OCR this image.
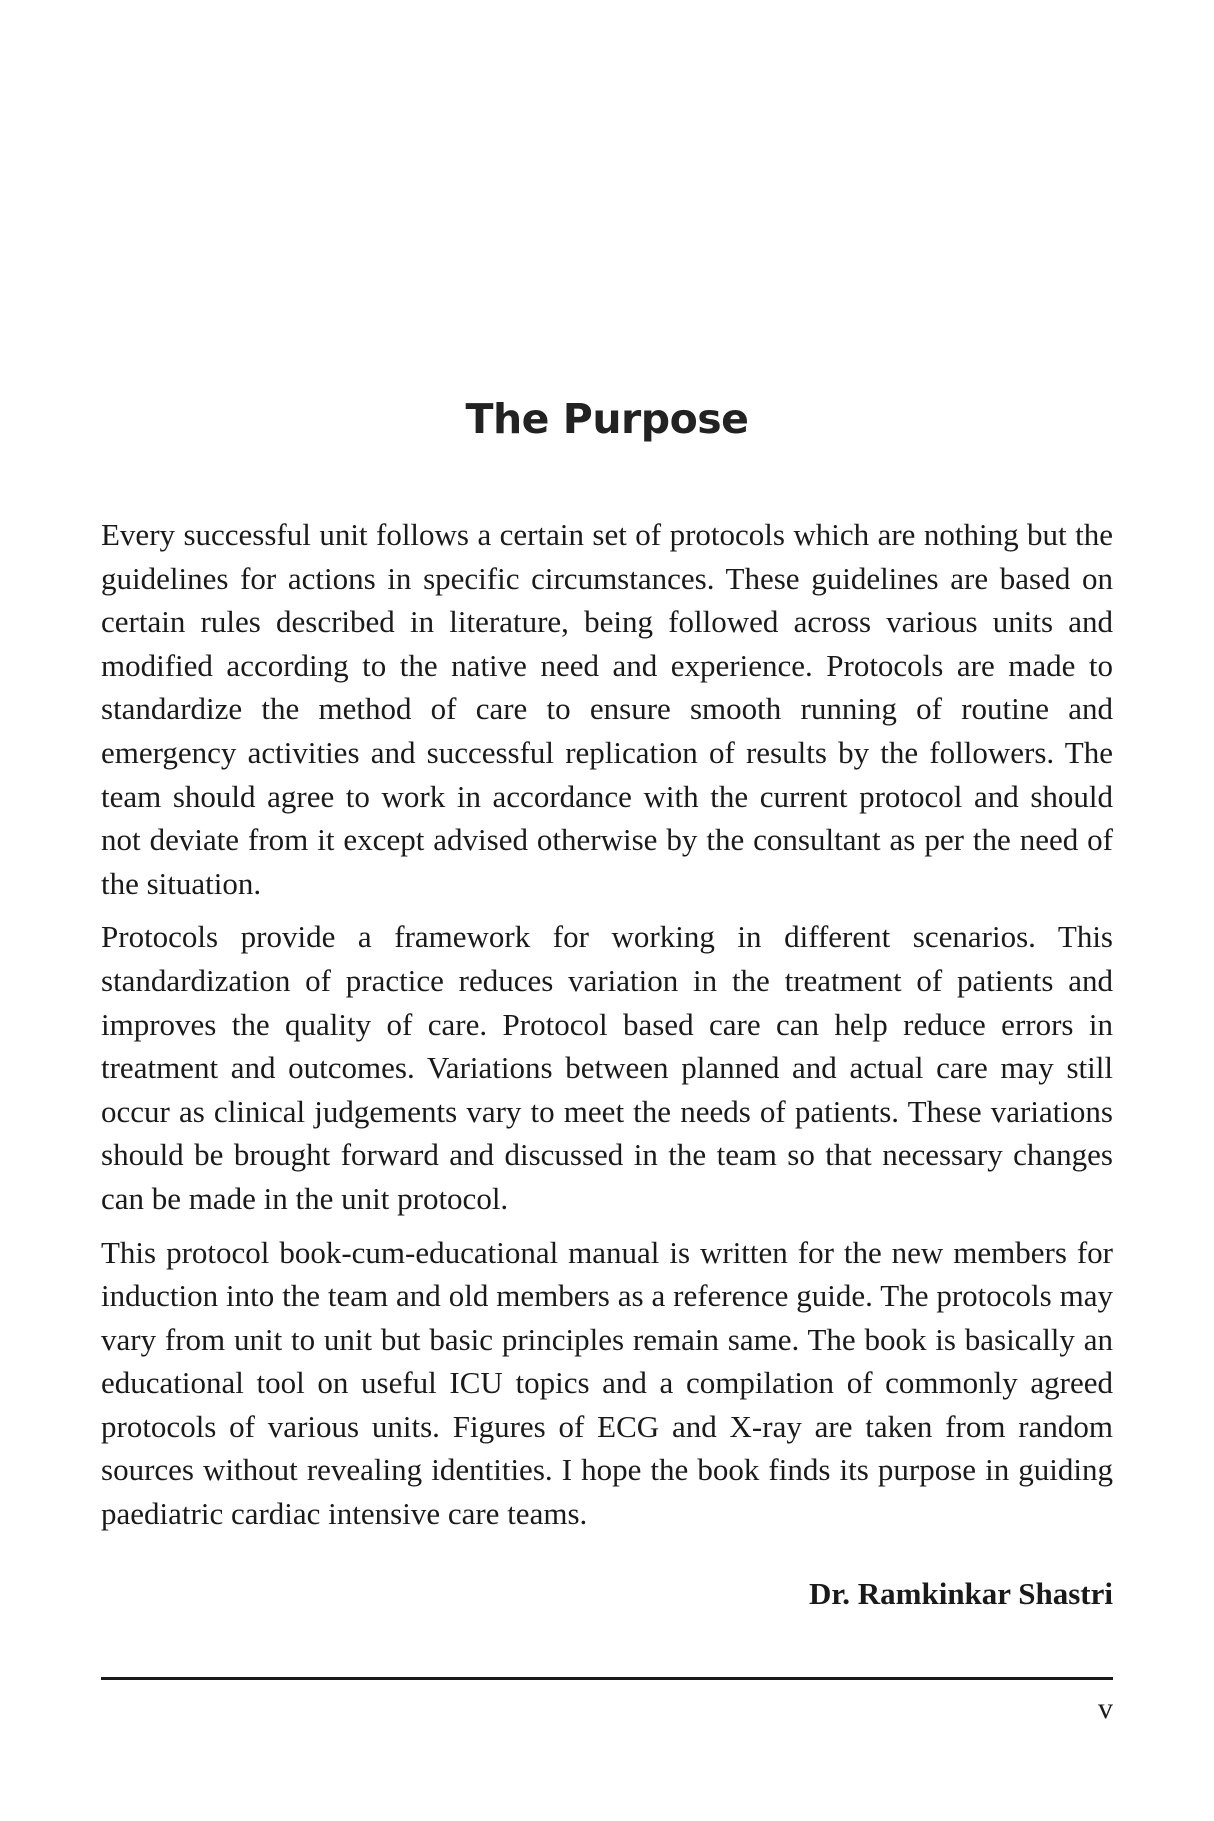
The Purpose

Every successful unit follows a certain set of protocols which are nothing but the guidelines for actions in specific circumstances. These guidelines are based on certain rules described in literature, being followed across various units and modified according to the native need and experience. Protocols are made to standardize the method of care to ensure smooth running of routine and emergency activities and successful replication of results by the followers. The team should agree to work in accordance with the current protocol and should not deviate from it except advised otherwise by the consultant as per the need of the situation.

Protocols provide a framework for working in different scenarios. This standardization of practice reduces variation in the treatment of patients and improves the quality of care. Protocol based care can help reduce errors in treatment and outcomes. Variations between planned and actual care may still occur as clinical judgements vary to meet the needs of patients. These variations should be brought forward and discussed in the team so that necessary changes can be made in the unit protocol.

This protocol book-cum-educational manual is written for the new members for induction into the team and old members as a reference guide. The protocols may vary from unit to unit but basic principles remain same. The book is basically an educational tool on useful ICU topics and a compilation of commonly agreed protocols of various units. Figures of ECG and X-ray are taken from random sources without revealing identities. I hope the book finds its purpose in guiding paediatric cardiac intensive care teams.

Dr. Ramkinkar Shastri
v
